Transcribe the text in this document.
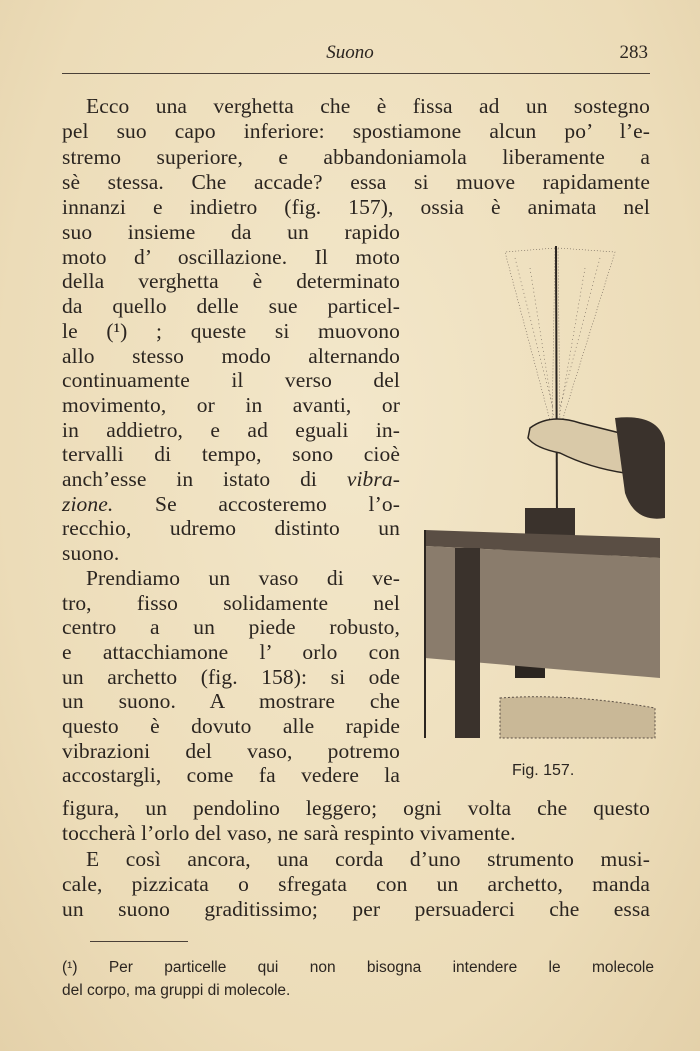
Suono	283
Ecco una verghetta che è fissa ad un sostegno
pel suo capo inferiore: spostiamone alcun po’ l’e-
stremo superiore, e abbandoniamola liberamente a
sè stessa. Che accade? essa si muove rapidamente
innanzi e indietro (fig. 157), ossia è animata nel
suo insieme da un rapido
moto d’ oscillazione. Il moto
della verghetta è determinato
da quello delle sue particel-
le (¹) ; queste si muovono
allo stesso modo alternando
continuamente il verso del
movimento, or in avanti, or
in addietro, e ad eguali in-
tervalli di tempo, sono cioè
anch’esse in istato di vibra-
zione. Se accosteremo l’o-
recchio, udremo distinto un
suono.
Prendiamo un vaso di ve-
tro, fisso solidamente nel
centro a un piede robusto,
e attacchiamone l’ orlo con
un archetto (fig. 158): si ode
un suono. A mostrare che
questo è dovuto alle rapide
vibrazioni del vaso, potremo
accostargli, come fa vedere la
figura, un pendolino leggero; ogni volta che questo
toccherà l’orlo del vaso, ne sarà respinto vivamente.
E così ancora, una corda d’uno strumento musi-
cale, pizzicata o sfregata con un archetto, manda
un suono graditissimo; per persuaderci che essa
Fig. 157.
(¹) Per particelle qui non bisogna intendere le molecole
del corpo, ma gruppi di molecole.
